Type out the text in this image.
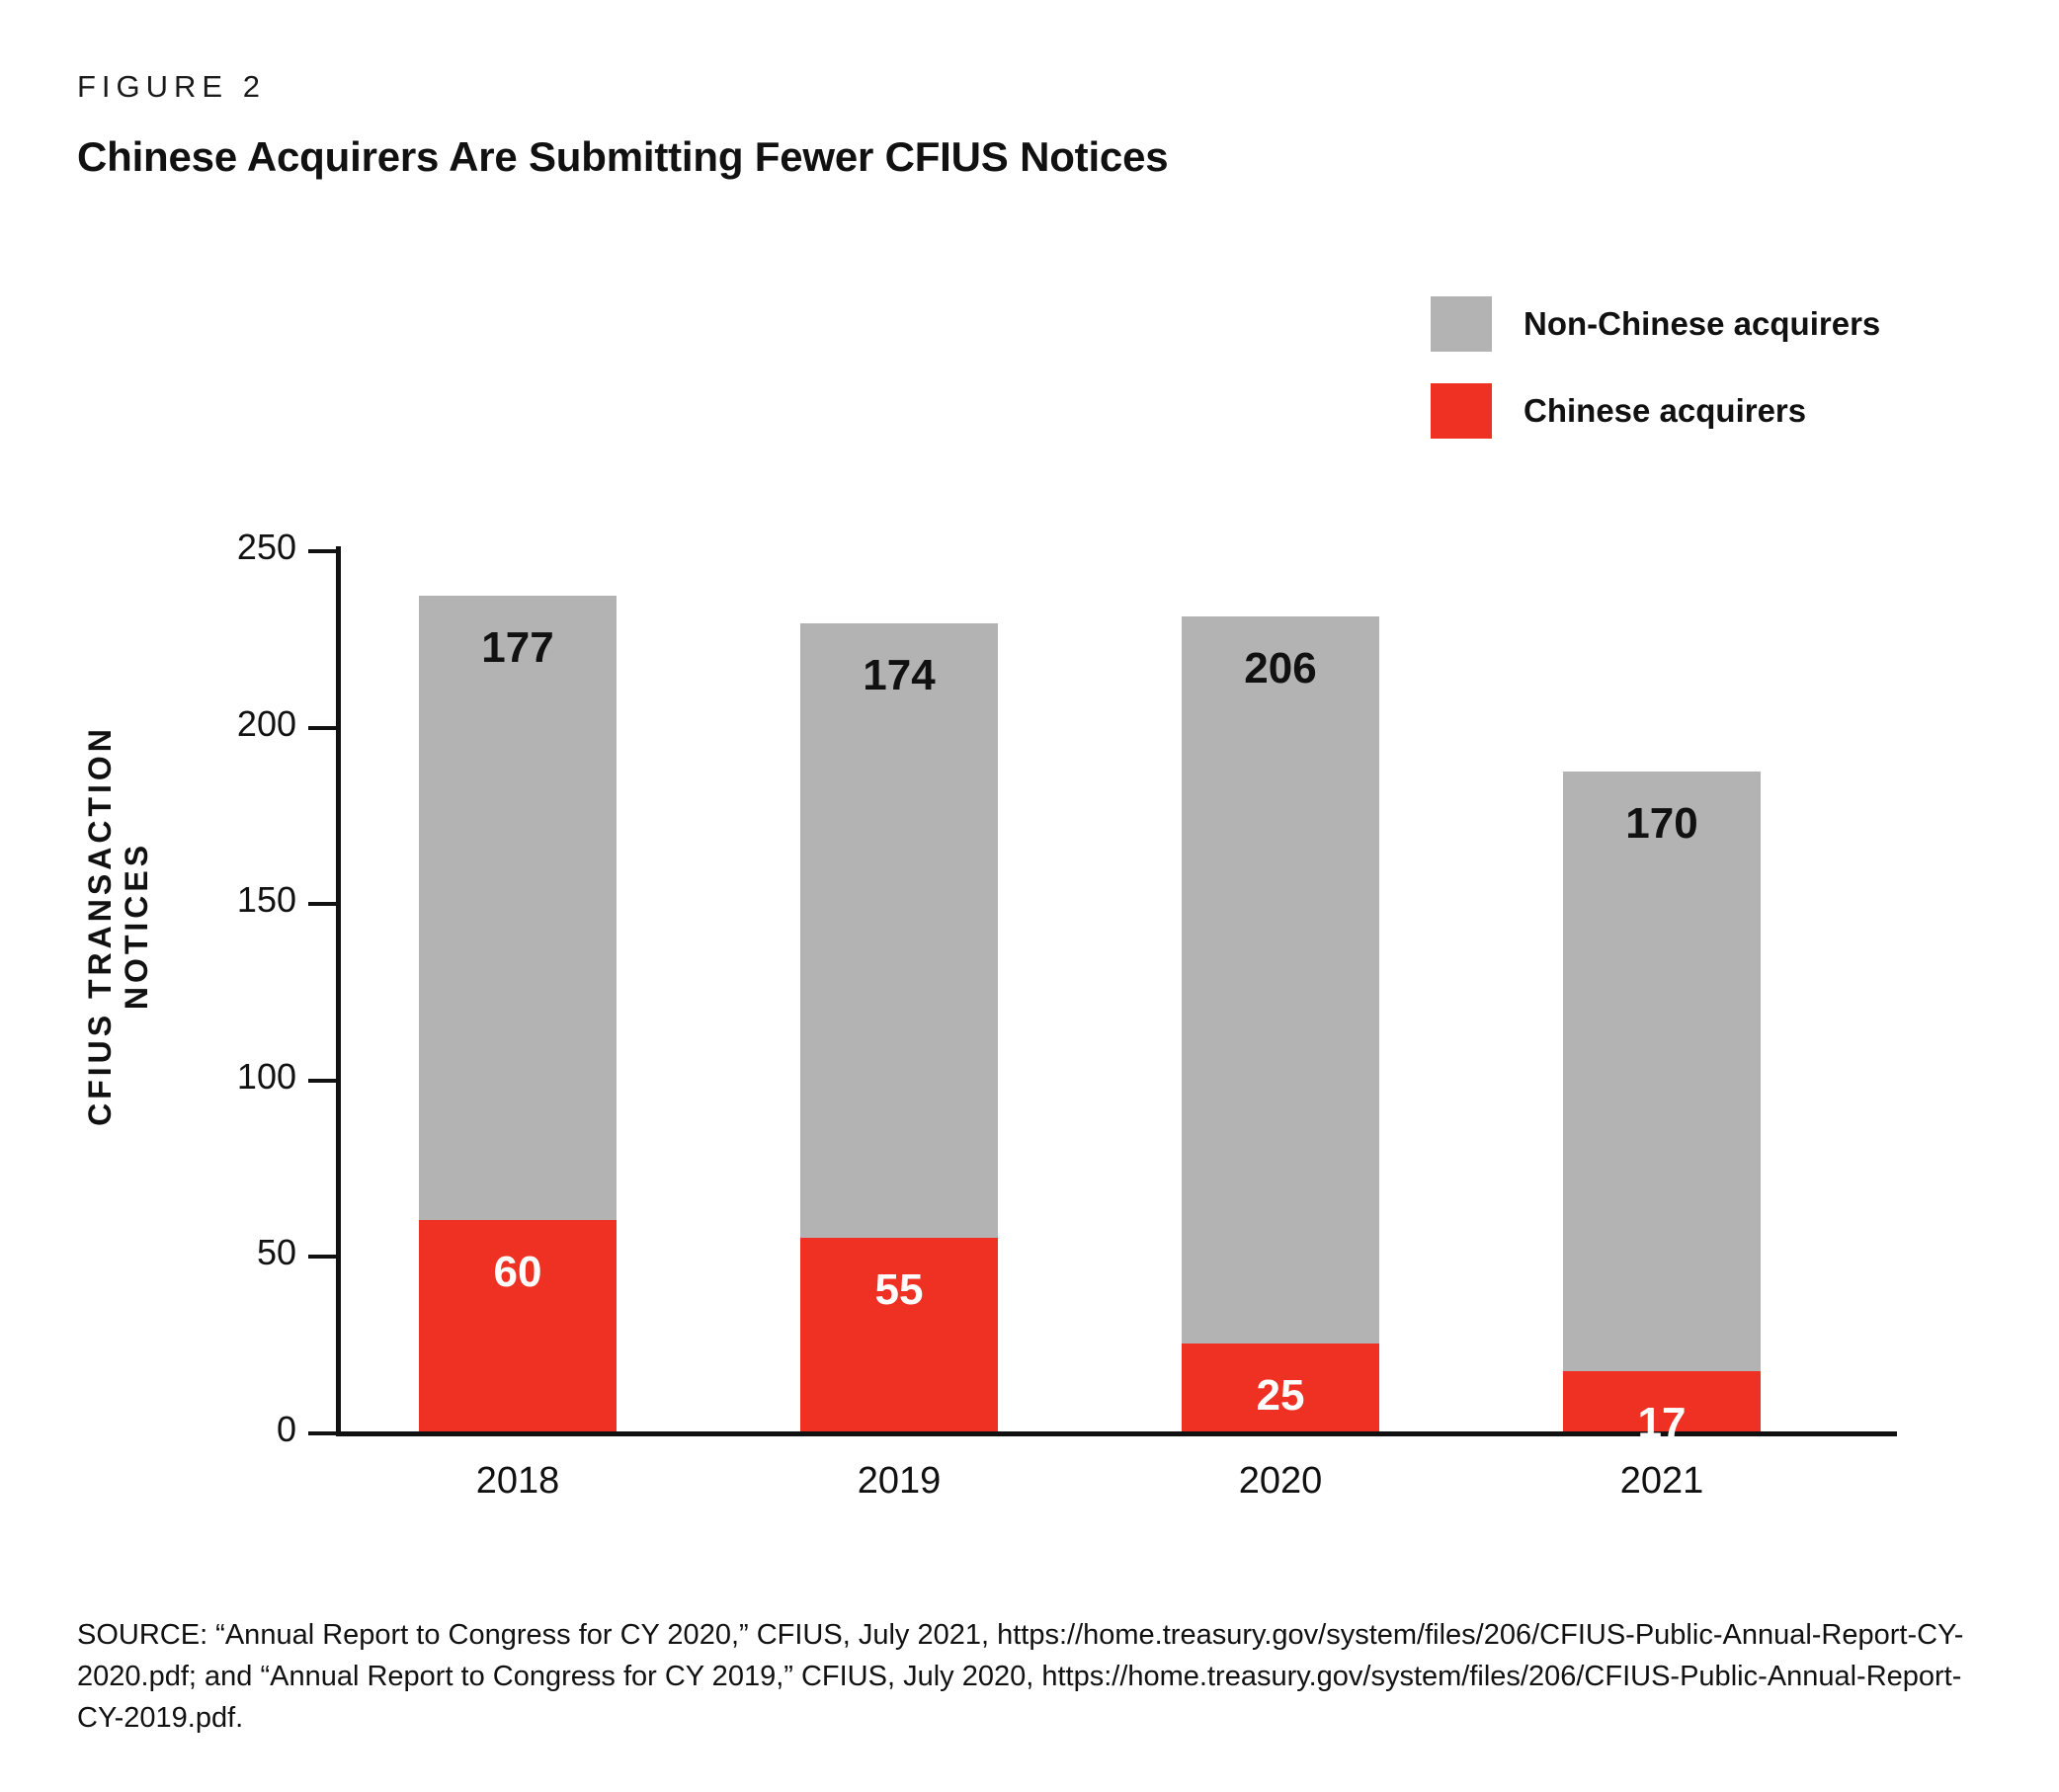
FIGURE 2
Chinese Acquirers Are Submitting Fewer CFIUS Notices
Non-Chinese acquirers
Chinese acquirers
CFIUS TRANSACTION NOTICES
0
50
100
150
200
250
177
60
174
55
206
25
170
17
2018	2019	2020	2021
SOURCE: “Annual Report to Congress for CY 2020,” CFIUS, July 2021, https://home.treasury.gov/system/files/206/CFIUS-Public-Annual-Report-CY-2020.pdf; and “Annual Report to Congress for CY 2019,” CFIUS, July 2020, https://home.treasury.gov/system/files/206/CFIUS-Public-Annual-Report-CY-2019.pdf.
